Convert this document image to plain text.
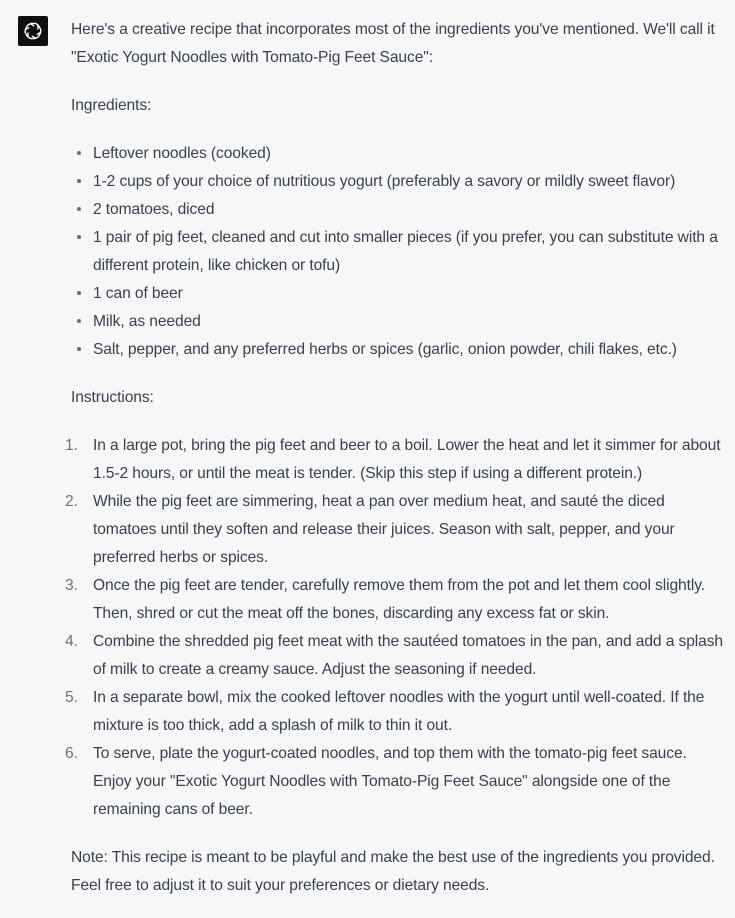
Here's a creative recipe that incorporates most of the ingredients you've mentioned. We'll call it "Exotic Yogurt Noodles with Tomato-Pig Feet Sauce":

Ingredients:

Leftover noodles (cooked)
1-2 cups of your choice of nutritious yogurt (preferably a savory or mildly sweet flavor)
2 tomatoes, diced
1 pair of pig feet, cleaned and cut into smaller pieces (if you prefer, you can substitute with a different protein, like chicken or tofu)
1 can of beer
Milk, as needed
Salt, pepper, and any preferred herbs or spices (garlic, onion powder, chili flakes, etc.)

Instructions:

1. In a large pot, bring the pig feet and beer to a boil. Lower the heat and let it simmer for about 1.5-2 hours, or until the meat is tender. (Skip this step if using a different protein.)
2. While the pig feet are simmering, heat a pan over medium heat, and sauté the diced tomatoes until they soften and release their juices. Season with salt, pepper, and your preferred herbs or spices.
3. Once the pig feet are tender, carefully remove them from the pot and let them cool slightly. Then, shred or cut the meat off the bones, discarding any excess fat or skin.
4. Combine the shredded pig feet meat with the sautéed tomatoes in the pan, and add a splash of milk to create a creamy sauce. Adjust the seasoning if needed.
5. In a separate bowl, mix the cooked leftover noodles with the yogurt until well-coated. If the mixture is too thick, add a splash of milk to thin it out.
6. To serve, plate the yogurt-coated noodles, and top them with the tomato-pig feet sauce. Enjoy your "Exotic Yogurt Noodles with Tomato-Pig Feet Sauce" alongside one of the remaining cans of beer.

Note: This recipe is meant to be playful and make the best use of the ingredients you provided. Feel free to adjust it to suit your preferences or dietary needs.
